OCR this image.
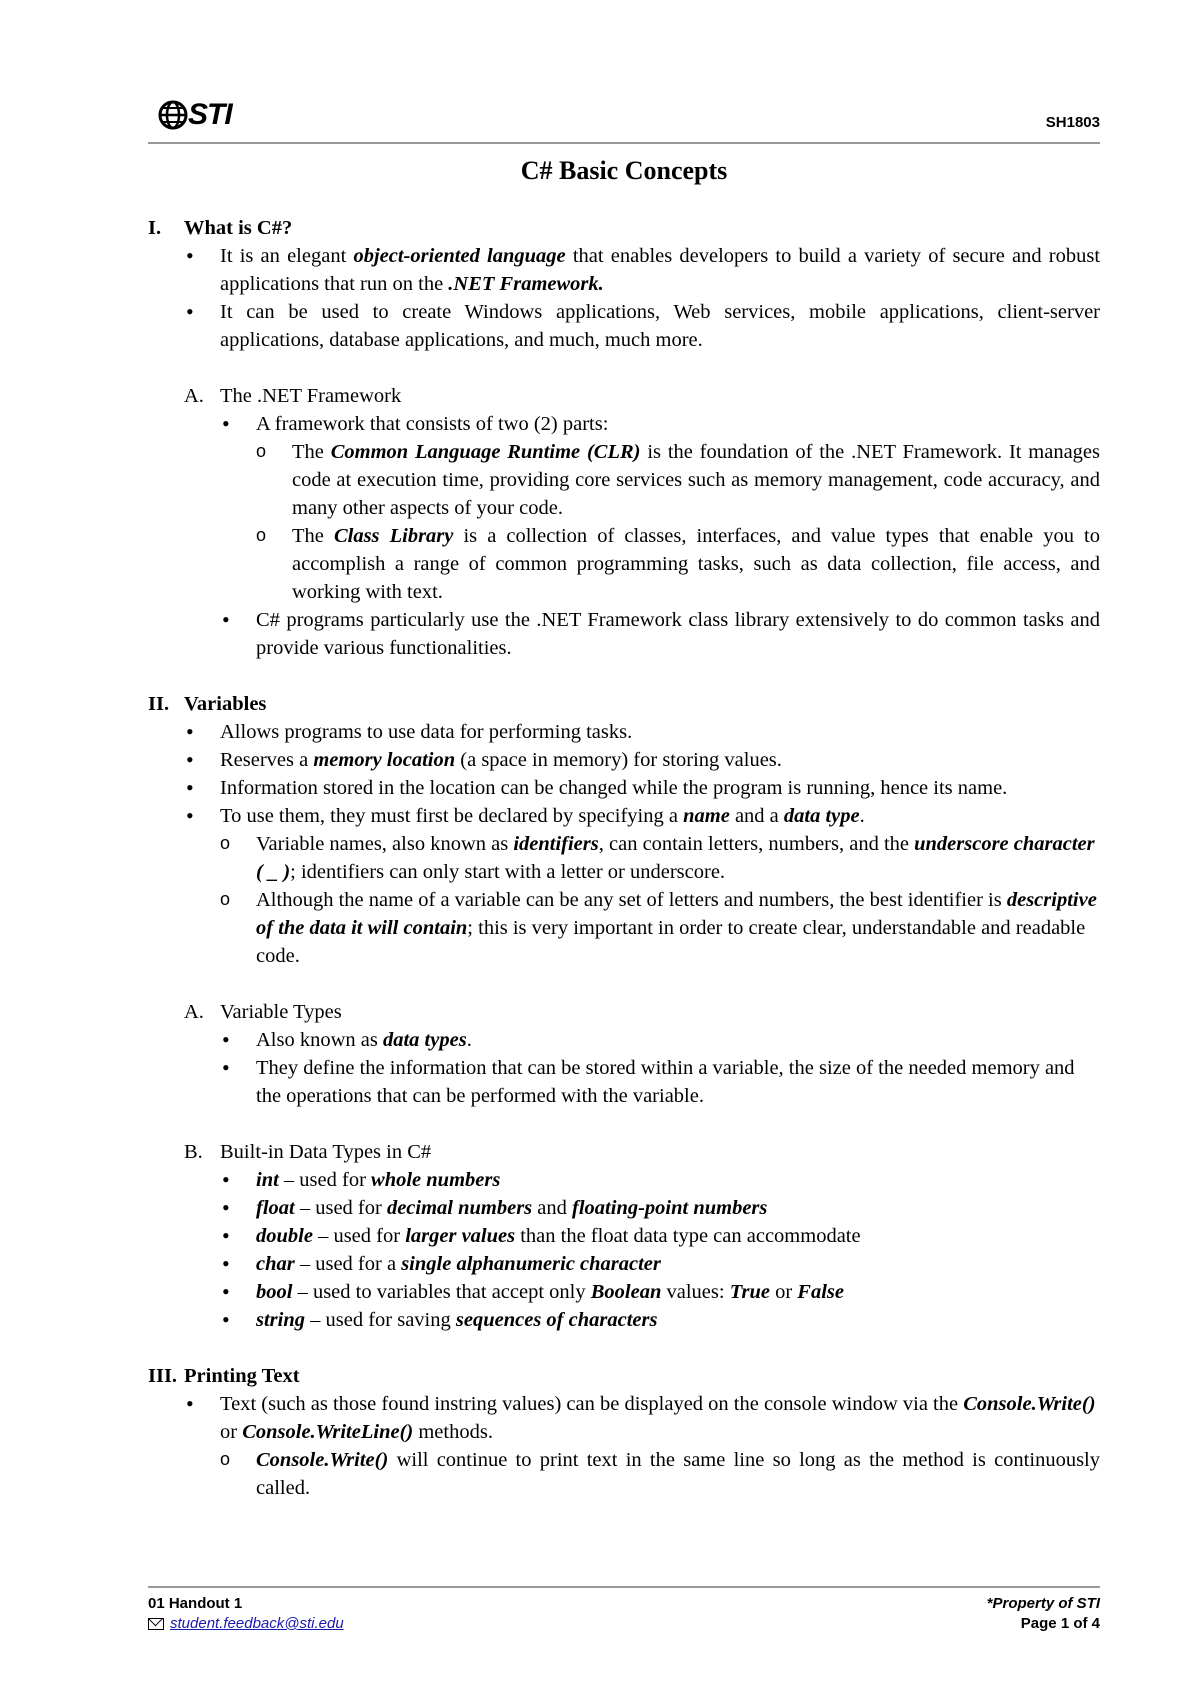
STI	SH1803
C# Basic Concepts
I. What is C#?
• It is an elegant object-oriented language that enables developers to build a variety of secure and robust applications that run on the .NET Framework.
• It can be used to create Windows applications, Web services, mobile applications, client-server applications, database applications, and much, much more.
A. The .NET Framework
• A framework that consists of two (2) parts:
o The Common Language Runtime (CLR) is the foundation of the .NET Framework. It manages code at execution time, providing core services such as memory management, code accuracy, and many other aspects of your code.
o The Class Library is a collection of classes, interfaces, and value types that enable you to accomplish a range of common programming tasks, such as data collection, file access, and working with text.
• C# programs particularly use the .NET Framework class library extensively to do common tasks and provide various functionalities.
II. Variables
• Allows programs to use data for performing tasks.
• Reserves a memory location (a space in memory) for storing values.
• Information stored in the location can be changed while the program is running, hence its name.
• To use them, they must first be declared by specifying a name and a data type.
o Variable names, also known as identifiers, can contain letters, numbers, and the underscore character ( _ ); identifiers can only start with a letter or underscore.
o Although the name of a variable can be any set of letters and numbers, the best identifier is descriptive of the data it will contain; this is very important in order to create clear, understandable and readable code.
A. Variable Types
• Also known as data types.
• They define the information that can be stored within a variable, the size of the needed memory and the operations that can be performed with the variable.
B. Built-in Data Types in C#
• int – used for whole numbers
• float – used for decimal numbers and floating-point numbers
• double – used for larger values than the float data type can accommodate
• char – used for a single alphanumeric character
• bool – used to variables that accept only Boolean values: True or False
• string – used for saving sequences of characters
III. Printing Text
• Text (such as those found instring values) can be displayed on the console window via the Console.Write() or Console.WriteLine() methods.
o Console.Write() will continue to print text in the same line so long as the method is continuously called.
01 Handout 1
student.feedback@sti.edu
*Property of STI
Page 1 of 4
